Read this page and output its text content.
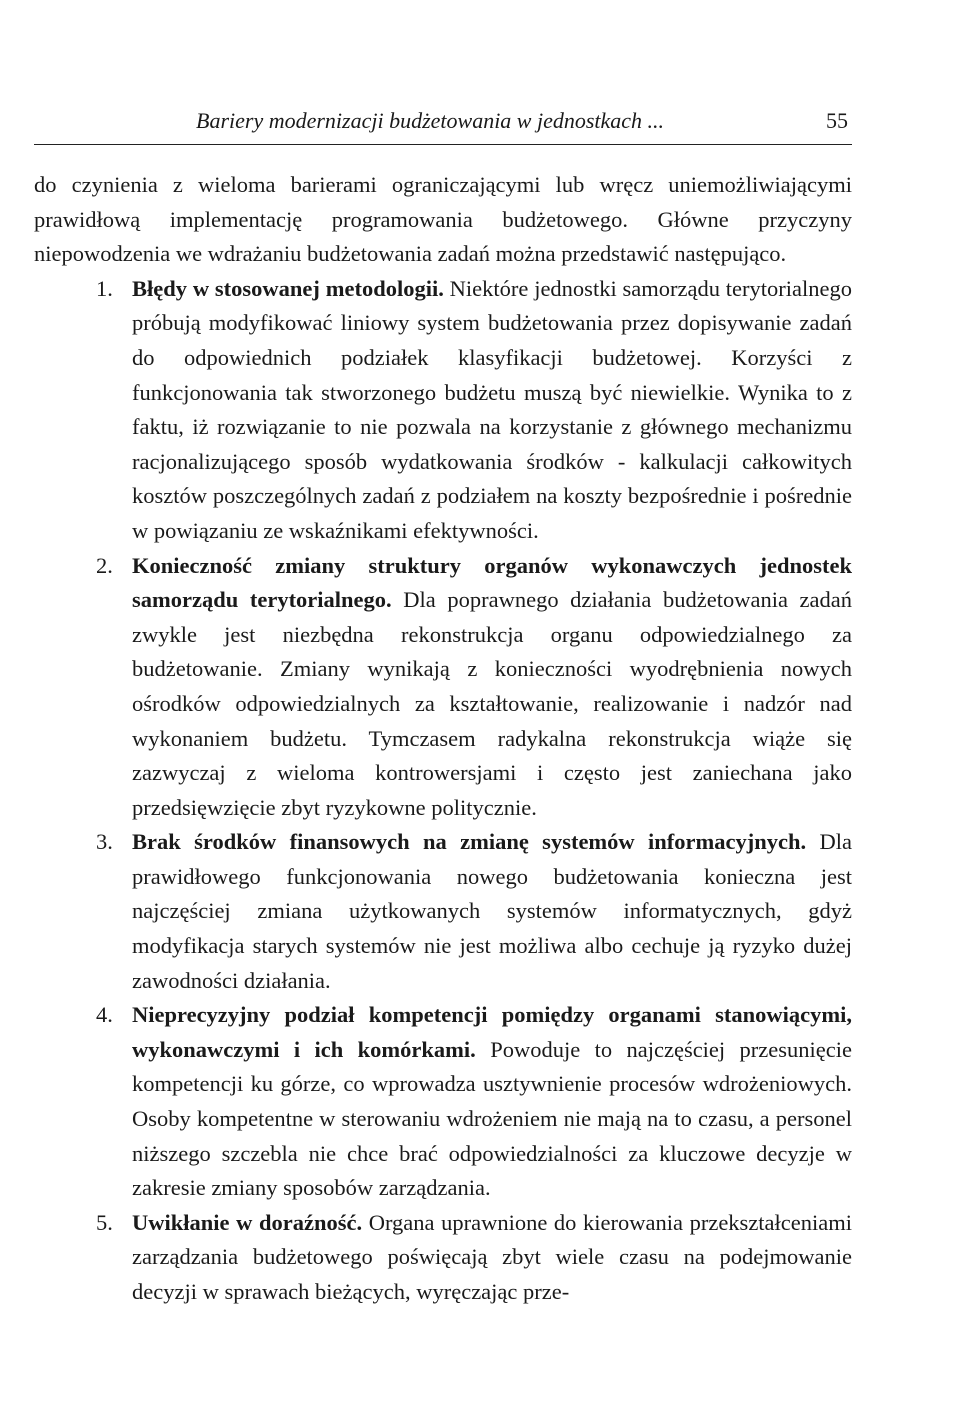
Bariery modernizacji budżetowania w jednostkach ...	55

do czynienia z wieloma barierami ograniczającymi lub wręcz uniemożliwiającymi prawidłową implementację programowania budżetowego. Główne przyczyny niepowodzenia we wdrażaniu budżetowania zadań można przedstawić następująco.

1. Błędy w stosowanej metodologii. Niektóre jednostki samorządu terytorialnego próbują modyfikować liniowy system budżetowania przez dopisywanie zadań do odpowiednich podziałek klasyfikacji budżetowej. Korzyści z funkcjonowania tak stworzonego budżetu muszą być niewielkie. Wynika to z faktu, iż rozwiązanie to nie pozwala na korzystanie z głównego mechanizmu racjonalizującego sposób wydatkowania środków - kalkulacji całkowitych kosztów poszczególnych zadań z podziałem na koszty bezpośrednie i pośrednie w powiązaniu ze wskaźnikami efektywności.
2. Konieczność zmiany struktury organów wykonawczych jednostek samorządu terytorialnego. Dla poprawnego działania budżetowania zadań zwykle jest niezbędna rekonstrukcja organu odpowiedzialnego za budżetowanie. Zmiany wynikają z konieczności wyodrębnienia nowych ośrodków odpowiedzialnych za kształtowanie, realizowanie i nadzór nad wykonaniem budżetu. Tymczasem radykalna rekonstrukcja wiąże się zazwyczaj z wieloma kontrowersjami i często jest zaniechana jako przedsięwzięcie zbyt ryzykowne politycznie.
3. Brak środków finansowych na zmianę systemów informacyjnych. Dla prawidłowego funkcjonowania nowego budżetowania konieczna jest najczęściej zmiana użytkowanych systemów informatycznych, gdyż modyfikacja starych systemów nie jest możliwa albo cechuje ją ryzyko dużej zawodności działania.
4. Nieprecyzyjny podział kompetencji pomiędzy organami stanowiącymi, wykonawczymi i ich komórkami. Powoduje to najczęściej przesunięcie kompetencji ku górze, co wprowadza usztywnienie procesów wdrożeniowych. Osoby kompetentne w sterowaniu wdrożeniem nie mają na to czasu, a personel niższego szczebla nie chce brać odpowiedzialności za kluczowe decyzje w zakresie zmiany sposobów zarządzania.
5. Uwikłanie w doraźność. Organa uprawnione do kierowania przekształceniami zarządzania budżetowego poświęcają zbyt wiele czasu na podejmowanie decyzji w sprawach bieżących, wyręczając prze-
